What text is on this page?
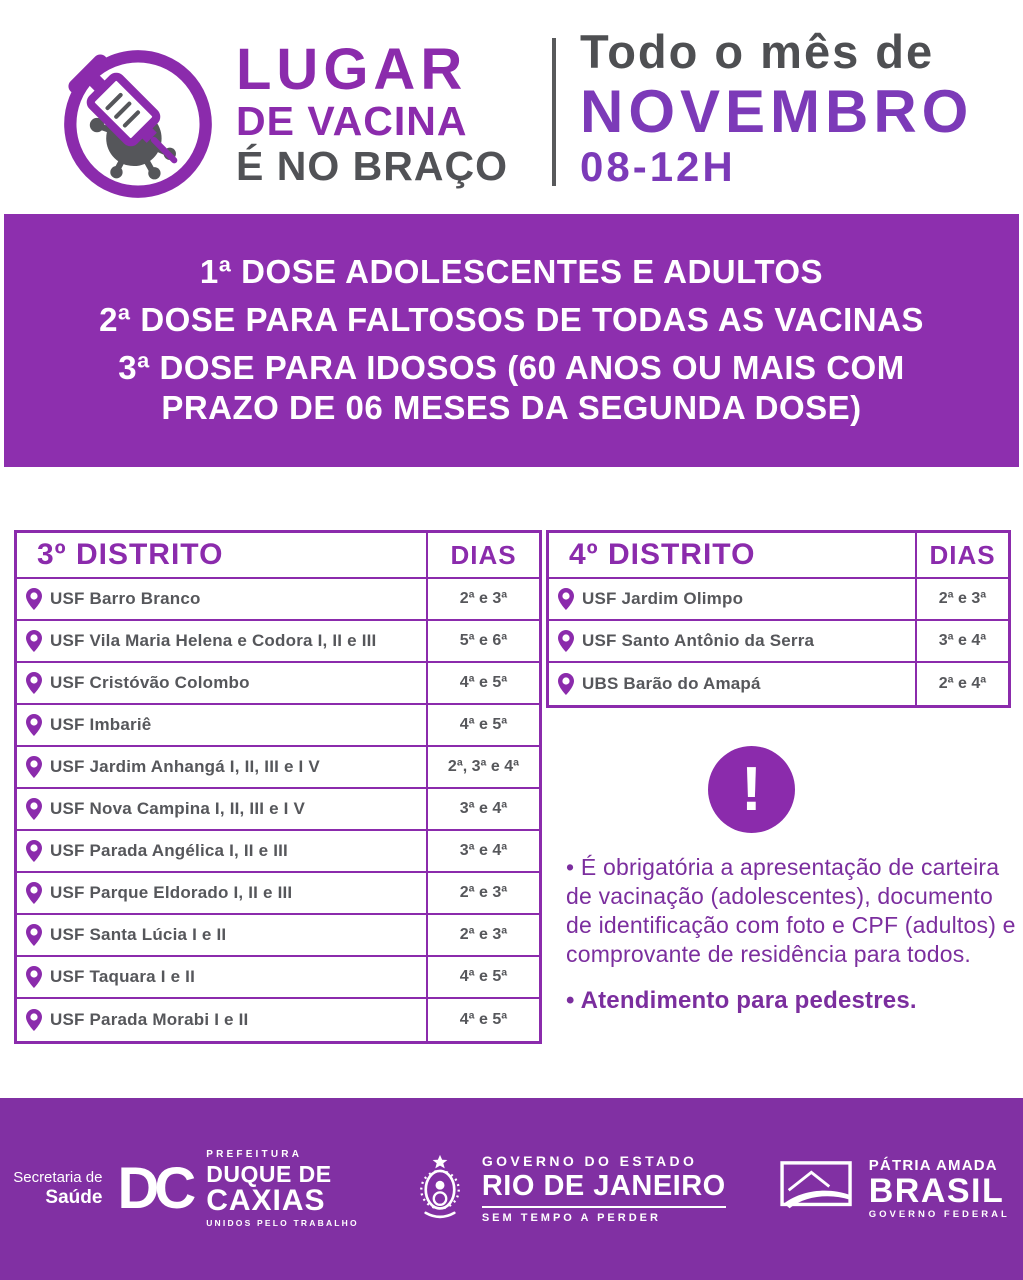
LUGAR
DE VACINA
É NO BRAÇO
Todo o mês de
NOVEMBRO
08-12H
1ª DOSE ADOLESCENTES E ADULTOS
2ª DOSE PARA FALTOSOS DE TODAS AS VACINAS
3ª DOSE PARA IDOSOS (60 ANOS OU MAIS COM PRAZO DE 06 MESES DA SEGUNDA DOSE)
3º DISTRITO	DIAS
USF Barro Branco	2ª e 3ª
USF Vila Maria Helena e Codora I, II e III	5ª e 6ª
USF Cristóvão Colombo	4ª e 5ª
USF Imbariê	4ª e 5ª
USF Jardim Anhangá I, II, III e I V	2ª, 3ª e 4ª
USF Nova Campina I, II, III e I V	3ª e 4ª
USF Parada Angélica I, II e III	3ª e 4ª
USF Parque Eldorado I, II e III	2ª e 3ª
USF Santa Lúcia I e II	2ª e 3ª
USF Taquara I e II	4ª e 5ª
USF Parada Morabi I e II	4ª e 5ª
4º DISTRITO	DIAS
USF Jardim Olimpo	2ª e 3ª
USF Santo Antônio da Serra	3ª e 4ª
UBS Barão do Amapá	2ª e 4ª
!
• É obrigatória a apresentação de carteira de vacinação (adolescentes), documento de identificação com foto e CPF (adultos) e comprovante de residência para todos.
• Atendimento para pedestres.
Secretaria de
Saúde DC
PREFEITURA
DUQUE DE
CAXIAS
UNIDOS PELO TRABALHO
GOVERNO DO ESTADO
RIO DE JANEIRO
SEM TEMPO A PERDER
PÁTRIA AMADA
BRASIL
GOVERNO FEDERAL
